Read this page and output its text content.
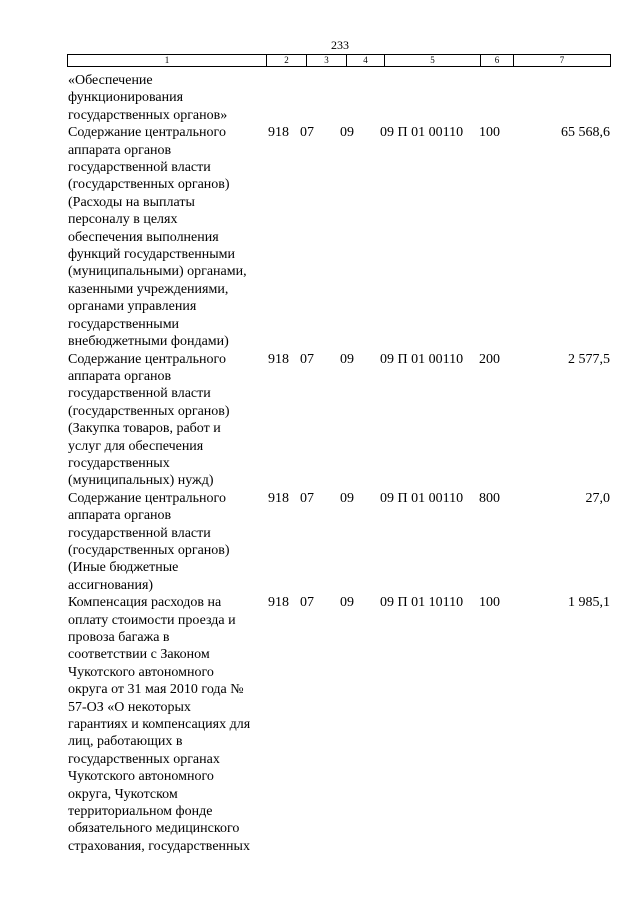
233
1	2	3	4	5	6	7
«Обеспечение
функционирования
государственных органов»
Содержание центрального
аппарата органов
государственной власти
(государственных органов)
(Расходы на выплаты
персоналу в целях
обеспечения выполнения
функций государственными
(муниципальными) органами,
казенными учреждениями,
органами управления
государственными
внебюджетными фондами)
918 07	09	09 П 01 00110	100	65 568,6
Содержание центрального
аппарата органов
государственной власти
(государственных органов)
(Закупка товаров, работ и
услуг для обеспечения
государственных
(муниципальных) нужд)
918 07	09	09 П 01 00110	200	2 577,5
Содержание центрального
аппарата органов
государственной власти
(государственных органов)
(Иные бюджетные
ассигнования)
918 07	09	09 П 01 00110	800	27,0
Компенсация расходов на
оплату стоимости проезда и
провоза багажа в
соответствии с Законом
Чукотского автономного
округа от 31 мая 2010 года №
57-ОЗ «О некоторых
гарантиях и компенсациях для
лиц, работающих в
государственных органах
Чукотского автономного
округа, Чукотском
территориальном фонде
обязательного медицинского
страхования, государственных
918 07	09	09 П 01 10110	100	1 985,1
